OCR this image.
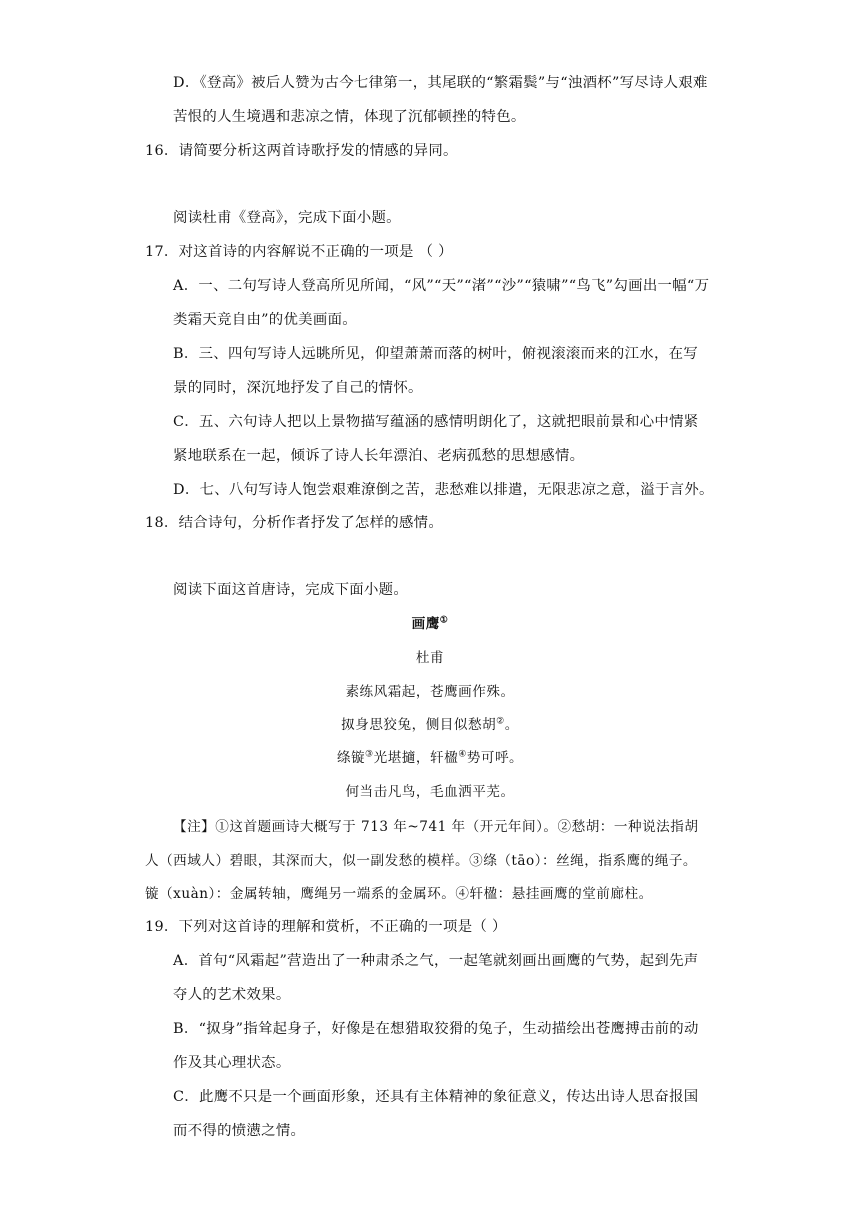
D．《登高》被后人赞为古今七律第一，其尾联的“繁霜鬓”与“浊酒杯”写尽诗人艰难
苦恨的人生境遇和悲凉之情，体现了沉郁顿挫的特色。
16．请简要分析这两首诗歌抒发的情感的异同。
阅读杜甫《登高》，完成下面小题。
17．对这首诗的内容解说不正确的一项是 （ ）
A．一、二句写诗人登高所见所闻，“风”“天”“渚”“沙”“猿啸”“鸟飞”勾画出一幅“万
类霜天竞自由”的优美画面。
B．三、四句写诗人远眺所见，仰望萧萧而落的树叶，俯视滚滚而来的江水，在写
景的同时，深沉地抒发了自己的情怀。
C．五、六句诗人把以上景物描写蕴涵的感情明朗化了，这就把眼前景和心中情紧
紧地联系在一起，倾诉了诗人长年漂泊、老病孤愁的思想感情。
D．七、八句写诗人饱尝艰难潦倒之苦，悲愁难以排遣，无限悲凉之意，溢于言外。
18．结合诗句，分析作者抒发了怎样的感情。
阅读下面这首唐诗，完成下面小题。
画鹰①
杜甫
素练风霜起，苍鹰画作殊。
㧐身思狡兔，侧目似愁胡②。
绦镟③光堪擿，轩楹④势可呼。
何当击凡鸟，毛血洒平芜。
【注】①这首题画诗大概写于 713 年~741 年（开元年间）。②愁胡：一种说法指胡
人（西域人）碧眼，其深而大，似一副发愁的模样。③绦（tāo）：丝绳，指系鹰的绳子。
镟（xuàn）：金属转轴，鹰绳另一端系的金属环。④轩楹：悬挂画鹰的堂前廊柱。
19．下列对这首诗的理解和赏析，不正确的一项是（ ）
A．首句“风霜起”营造出了一种肃杀之气，一起笔就刻画出画鹰的气势，起到先声
夺人的艺术效果。
B．“㧐身”指耸起身子，好像是在想猎取狡猾的兔子，生动描绘出苍鹰搏击前的动
作及其心理状态。
C．此鹰不只是一个画面形象，还具有主体精神的象征意义，传达出诗人思奋报国
而不得的愤懑之情。
